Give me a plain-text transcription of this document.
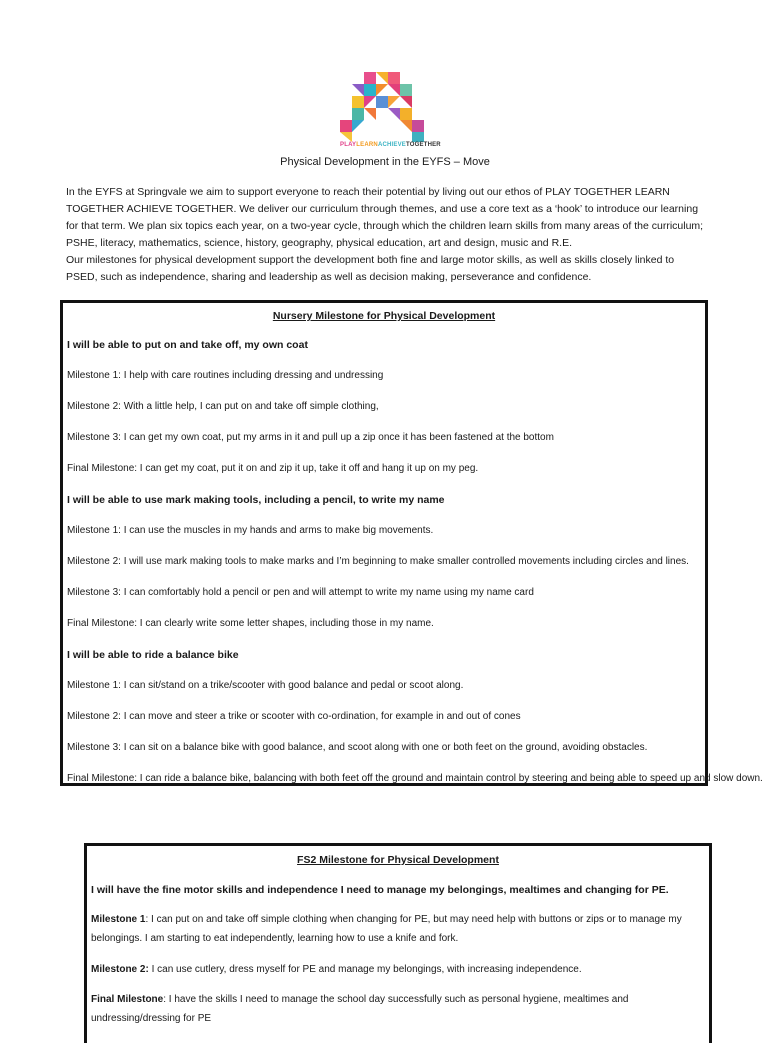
PLAYLEARNACHIEVETOGETHER
Physical Development in the EYFS – Move
In the EYFS at Springvale we aim to support everyone to reach their potential by living out our ethos of PLAY TOGETHER LEARN TOGETHER ACHIEVE TOGETHER. We deliver our curriculum through themes, and use a core text as a ‘hook’ to introduce our learning for that term. We plan six topics each year, on a two-year cycle, through which the children learn skills from many areas of the curriculum; PSHE, literacy, mathematics, science, history, geography, physical education, art and design, music and R.E.
Our milestones for physical development support the development both fine and large motor skills, as well as skills closely linked to PSED, such as independence, sharing and leadership as well as decision making, perseverance and confidence.
Nursery Milestone for Physical Development
I will be able to put on and take off, my own coat
Milestone 1: I help with care routines including dressing and undressing
Milestone 2: With a little help, I can put on and take off simple clothing,
Milestone 3: I can get my own coat, put my arms in it and pull up a zip once it has been fastened at the bottom
Final Milestone: I can get my coat, put it on and zip it up, take it off and hang it up on my peg.
I will be able to use mark making tools, including a pencil, to write my name
Milestone 1: I can use the muscles in my hands and arms to make big movements.
Milestone 2: I will use mark making tools to make marks and I’m beginning to make smaller controlled movements including circles and lines.
Milestone 3: I can comfortably hold a pencil or pen and will attempt to write my name using my name card
Final Milestone: I can clearly write some letter shapes, including those in my name.
I will be able to ride a balance bike
Milestone 1: I can sit/stand on a trike/scooter with good balance and pedal or scoot along.
Milestone 2: I can move and steer a trike or scooter with co-ordination, for example in and out of cones
Milestone 3: I can sit on a balance bike with good balance, and scoot along with one or both feet on the ground, avoiding obstacles.
Final Milestone: I can ride a balance bike, balancing with both feet off the ground and maintain control by steering and being able to speed up and slow down.
FS2 Milestone for Physical Development
I will have the fine motor skills and independence I need to manage my belongings, mealtimes and changing for PE.
Milestone 1: I can put on and take off simple clothing when changing for PE, but may need help with buttons or zips or to manage my belongings. I am starting to eat independently, learning how to use a knife and fork.
Milestone 2: I can use cutlery, dress myself for PE and manage my belongings, with increasing independence.
Final Milestone: I have the skills I need to manage the school day successfully such as personal hygiene, mealtimes and undressing/dressing for PE
